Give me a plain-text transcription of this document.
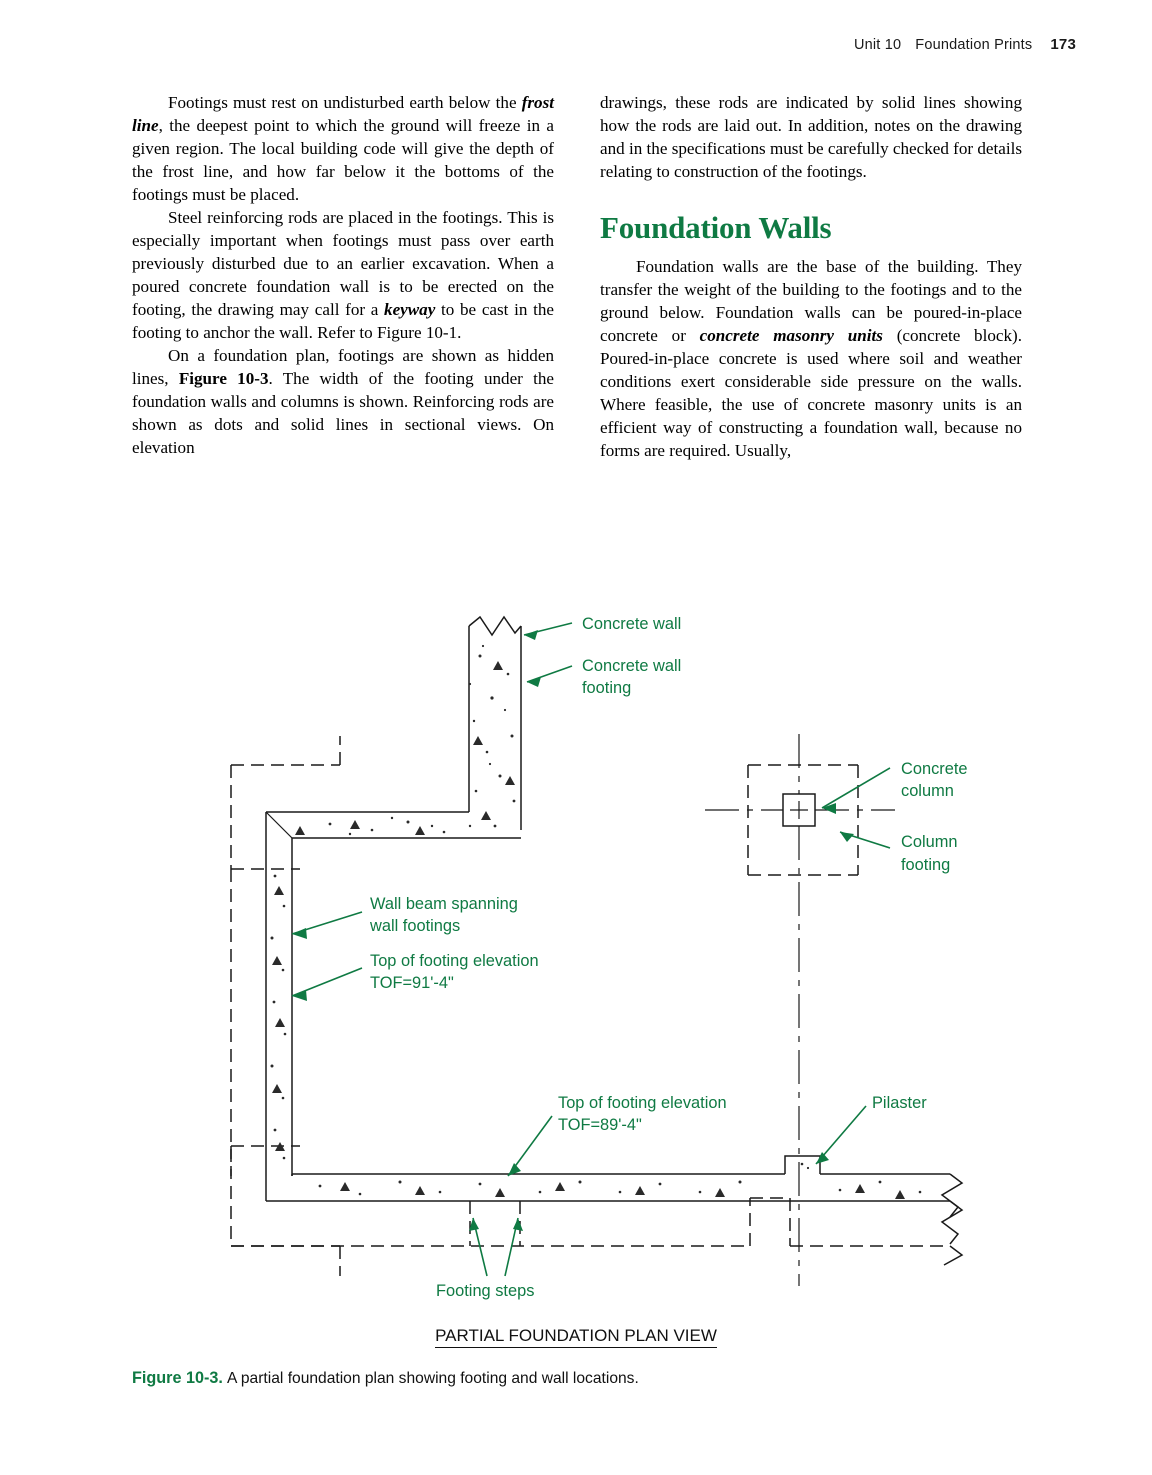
Unit 10 Foundation Prints 173

Footings must rest on undisturbed earth below the frost line, the deepest point to which the ground will freeze in a given region. The local building code will give the depth of the frost line, and how far below it the bottoms of the footings must be placed.

Steel reinforcing rods are placed in the footings. This is especially important when footings must pass over earth previously disturbed due to an earlier excavation. When a poured concrete foundation wall is to be erected on the footing, the drawing may call for a keyway to be cast in the footing to anchor the wall. Refer to Figure 10-1.

On a foundation plan, footings are shown as hidden lines, Figure 10-3. The width of the footing under the foundation walls and columns is shown. Reinforcing rods are shown as dots and solid lines in sectional views. On elevation

drawings, these rods are indicated by solid lines showing how the rods are laid out. In addition, notes on the drawing and in the specifications must be carefully checked for details relating to construction of the footings.

Foundation Walls

Foundation walls are the base of the building. They transfer the weight of the building to the footings and to the ground below. Foundation walls can be poured-in-place concrete or concrete masonry units (concrete block). Poured-in-place concrete is used where soil and weather conditions exert considerable side pressure on the walls. Where feasible, the use of concrete masonry units is an efficient way of constructing a foundation wall, because no forms are required. Usually,

Concrete wall
Concrete wall
footing
Concrete
column
Column
footing
Wall beam spanning
wall footings
Top of footing elevation
TOF=91'-4"
Top of footing elevation
TOF=89'-4"
Pilaster
Footing steps
PARTIAL FOUNDATION PLAN VIEW
Figure 10-3. A partial foundation plan showing footing and wall locations.
